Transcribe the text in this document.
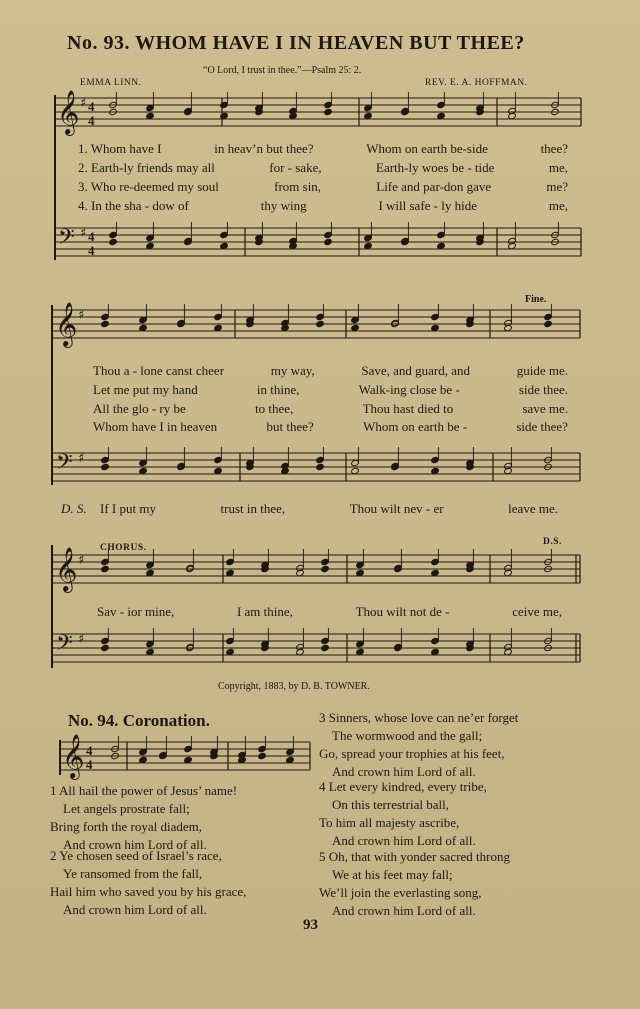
No. 93. WHOM HAVE I IN HEAVEN BUT THEE?
“O Lord, I trust in thee.”—Psalm 25: 2.
EMMA LINN.	REV. E. A. HOFFMAN.
𝄞 ♯ 4
4
𝄢 ♯ 4
4
𝄞 ♯
𝄢 ♯
𝄞 ♯
𝄢 ♯
𝄞 4
4
1. Whom have I	in heav’n but thee?	Whom on earth be-side	thee?
2. Earth-ly friends may all	for - sake,	Earth-ly woes be - tide	me,
3. Who re-deemed my soul	from sin,	Life and par-don gave	me?
4. In the sha - dow of	thy wing	I will safe - ly hide	me,
Fine.
Thou a - lone canst cheer	my way,	Save, and guard, and	guide me.
Let me put my hand	in thine,	Walk-ing close be -	side thee.
All the glo - ry be	to thee,	Thou hast died to	save me.
Whom have I in heaven	but thee?	Whom on earth be -	side thee?
D. S. If I put my	trust in thee,	Thou wilt nev - er	leave me.
CHORUS.
D.S.
Sav - ior mine,	I am thine,	Thou wilt not de -	ceive me,
Copyright, 1883, by D. B. TOWNER.
No. 94. Coronation.
1 All hail the power of Jesus’ name!
Let angels prostrate fall;
Bring forth the royal diadem,
And crown him Lord of all.
2 Ye chosen seed of Israel’s race,
Ye ransomed from the fall,
Hail him who saved you by his grace,
And crown him Lord of all.
3 Sinners, whose love can ne’er forget
The wormwood and the gall;
Go, spread your trophies at his feet,
And crown him Lord of all.
4 Let every kindred, every tribe,
On this terrestrial ball,
To him all majesty ascribe,
And crown him Lord of all.
5 Oh, that with yonder sacred throng
We at his feet may fall;
We’ll join the everlasting song,
And crown him Lord of all.
93
